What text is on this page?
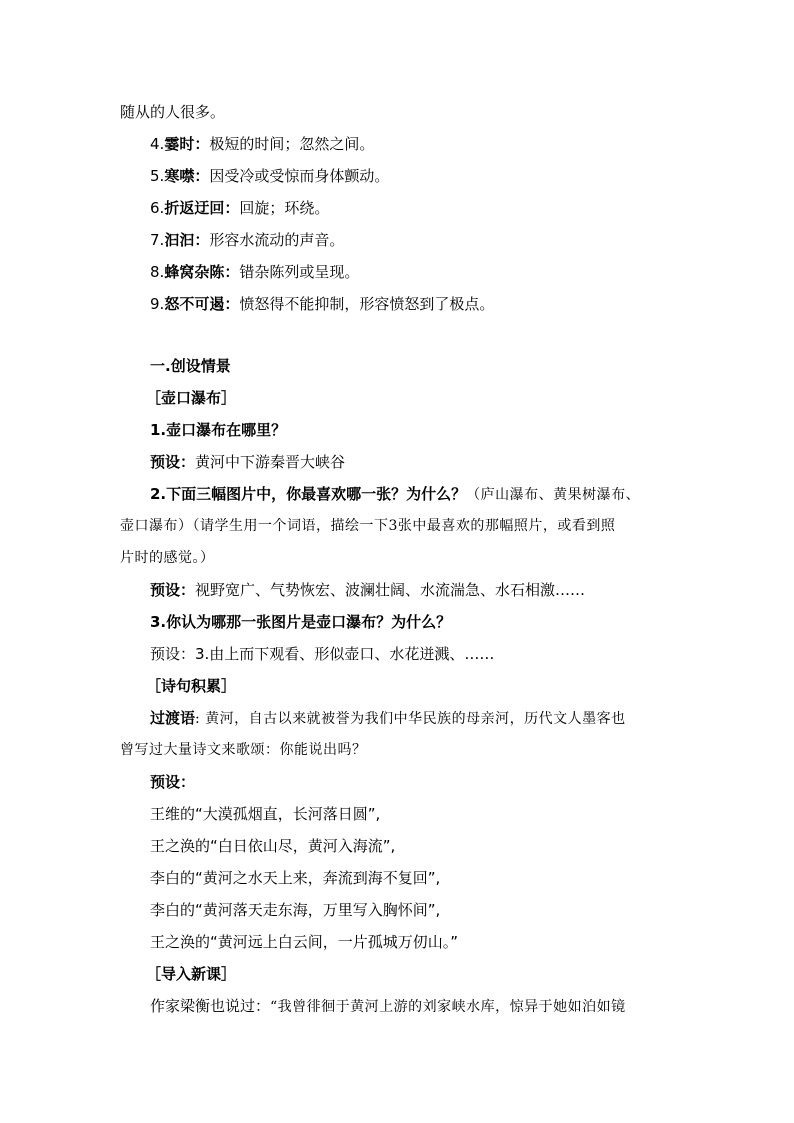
随从的人很多。
4.霎时：极短的时间；忽然之间。
5.寒噤：因受冷或受惊而身体颤动。
6.折返迂回：回旋；环绕。
7.汩汩：形容水流动的声音。
8.蜂窝杂陈：错杂陈列或呈现。
9.怒不可遏：愤怒得不能抑制，形容愤怒到了极点。
一.创设情景
［壶口瀑布］
1.壶口瀑布在哪里？
预设：黄河中下游秦晋大峡谷
2.下面三幅图片中，你最喜欢哪一张？为什么？（庐山瀑布、黄果树瀑布、
壶口瀑布）（请学生用一个词语，描绘一下3张中最喜欢的那幅照片，或看到照
片时的感觉。）
预设：视野宽广、气势恢宏、波澜壮阔、水流湍急、水石相激……
3.你认为哪那一张图片是壶口瀑布？为什么？
预设：3.由上而下观看、形似壶口、水花迸溅、……
［诗句积累］
过渡语: 黄河，自古以来就被誉为我们中华民族的母亲河，历代文人墨客也
曾写过大量诗文来歌颂：你能说出吗？
预设：
王维的“大漠孤烟直，长河落日圆”,
王之涣的“白日依山尽，黄河入海流”,
李白的“黄河之水天上来，奔流到海不复回”,
李白的“黄河落天走东海，万里写入胸怀间”,
王之涣的“黄河远上白云间，一片孤城万仞山。”
［导入新课］
作家梁衡也说过：“我曾徘徊于黄河上游的刘家峡水库，惊异于她如泊如镜
